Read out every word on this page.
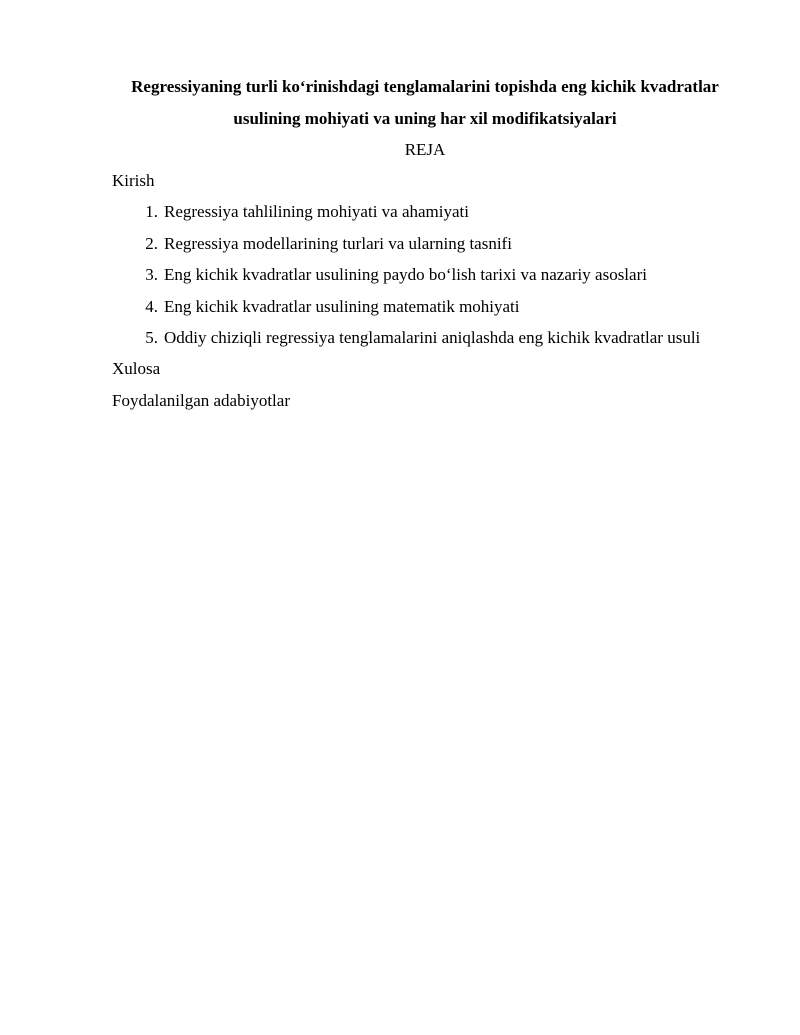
Regressiyaning turli ko‘rinishdagi tenglamalarini topishda eng kichik kvadratlar
usulining mohiyati va uning har xil modifikatsiyalari
REJA
Kirish
1. Regressiya tahlilining mohiyati va ahamiyati
2. Regressiya modellarining turlari va ularning tasnifi
3. Eng kichik kvadratlar usulining paydo bo‘lish tarixi va nazariy asoslari
4. Eng kichik kvadratlar usulining matematik mohiyati
5. Oddiy chiziqli regressiya tenglamalarini aniqlashda eng kichik kvadratlar usuli
Xulosa
Foydalanilgan adabiyotlar
